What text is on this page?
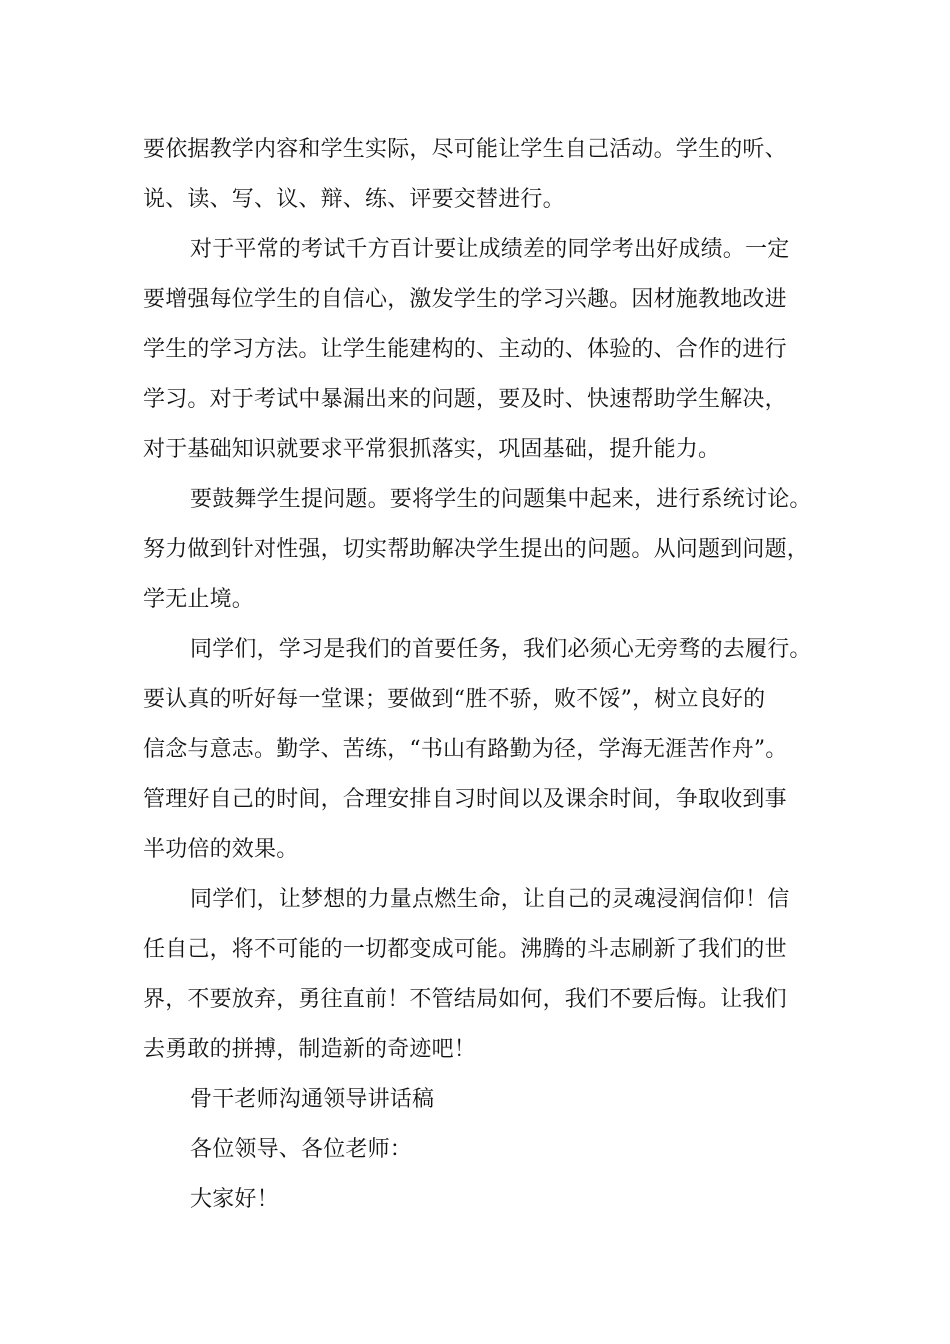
要依据教学内容和学生实际，尽可能让学生自己活动。学生的听、
说、读、写、议、辩、练、评要交替进行。
对于平常的考试千方百计要让成绩差的同学考出好成绩。一定
要增强每位学生的自信心，激发学生的学习兴趣。因材施教地改进
学生的学习方法。让学生能建构的、主动的、体验的、合作的进行
学习。对于考试中暴漏出来的问题，要及时、快速帮助学生解决，
对于基础知识就要求平常狠抓落实，巩固基础，提升能力。
要鼓舞学生提问题。要将学生的问题集中起来，进行系统讨论。
努力做到针对性强，切实帮助解决学生提出的问题。从问题到问题，
学无止境。
同学们，学习是我们的首要任务，我们必须心无旁骛的去履行。
要认真的听好每一堂课；要做到“胜不骄，败不馁”，树立良好的
信念与意志。勤学、苦练，“书山有路勤为径，学海无涯苦作舟”。
管理好自己的时间，合理安排自习时间以及课余时间，争取收到事
半功倍的效果。
同学们，让梦想的力量点燃生命，让自己的灵魂浸润信仰！信
任自己，将不可能的一切都变成可能。沸腾的斗志刷新了我们的世
界，不要放弃，勇往直前！不管结局如何，我们不要后悔。让我们
去勇敢的拼搏，制造新的奇迹吧！
骨干老师沟通领导讲话稿
各位领导、各位老师：
大家好！
